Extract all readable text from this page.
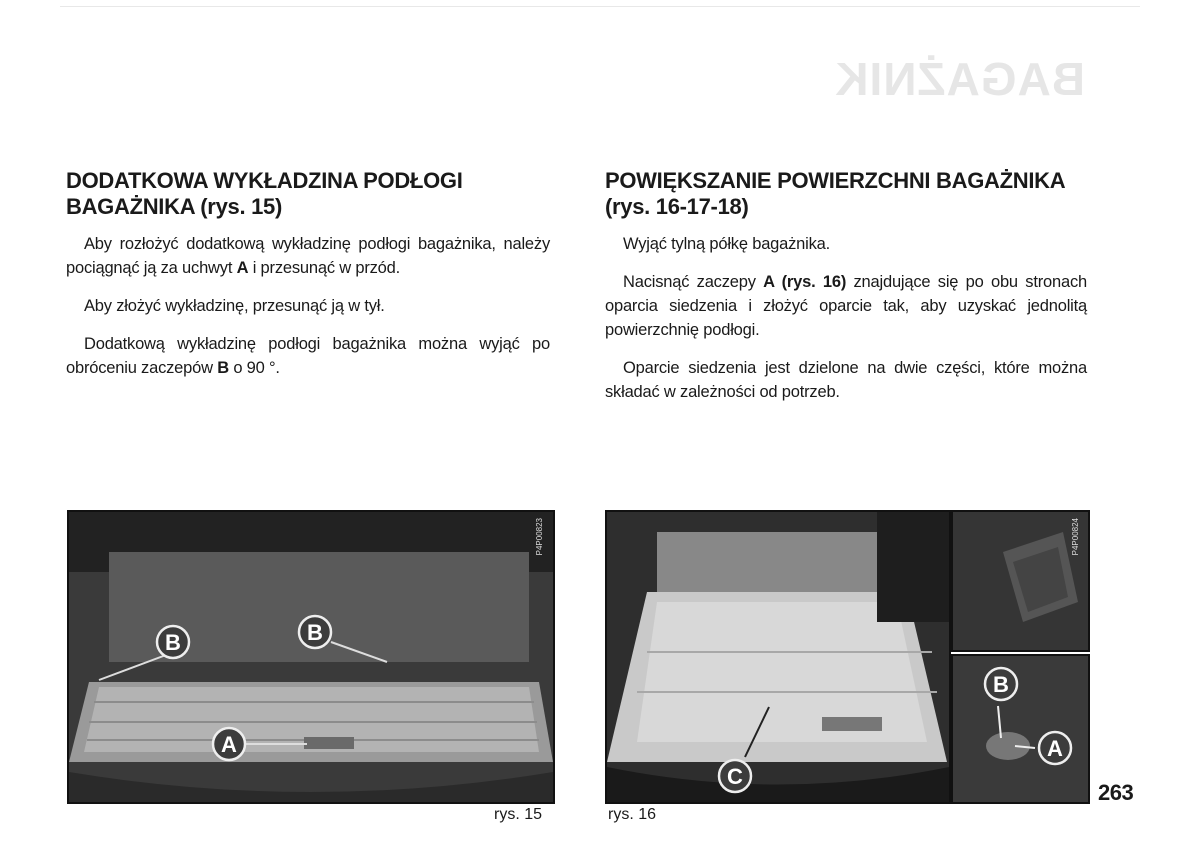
BAGAŻNIK
DODATKOWA WYKŁADZINA PODŁOGI BAGAŻNIKA (rys. 15)

Aby rozłożyć dodatkową wykładzinę podłogi bagażnika, należy pociągnąć ją za uchwyt A i przesunąć w przód.

Aby złożyć wykładzinę, przesunąć ją w tył.

Dodatkową wykładzinę podłogi bagażnika można wyjąć po obróceniu zaczepów B o 90 °.

POWIĘKSZANIE POWIERZCHNI BAGAŻNIKA (rys. 16-17-18)

Wyjąć tylną półkę bagażnika.

Nacisnąć zaczepy A (rys. 16) znajdujące się po obu stronach oparcia siedzenia i złożyć oparcie tak, aby uzyskać jednolitą powierzchnię podłogi.

Oparcie siedzenia jest dzielone na dwie części, które można składać w zależności od potrzeb.

P4P00823
B	B
A
C
P4P00824
B
A
rys. 15	rys. 16
263
